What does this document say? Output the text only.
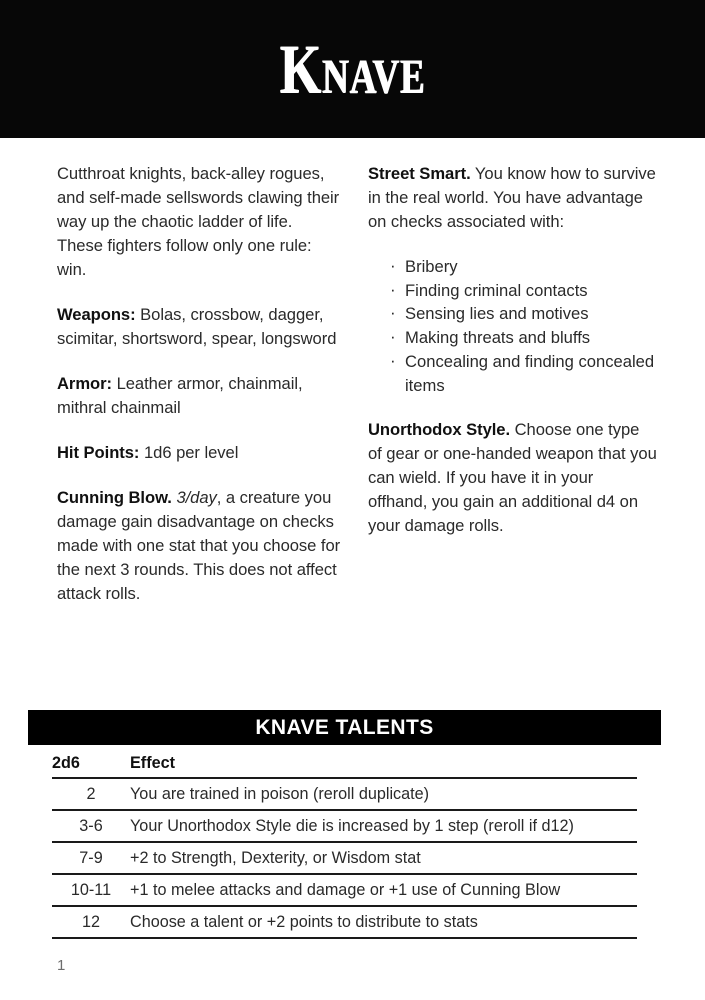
Knave

Cutthroat knights, back-alley rogues, and self-made sellswords clawing their way up the chaotic ladder of life. These fighters follow only one rule: win.

Weapons: Bolas, crossbow, dagger, scimitar, shortsword, spear, longsword

Armor: Leather armor, chainmail, mithral chainmail

Hit Points: 1d6 per level

Cunning Blow. 3/day, a creature you damage gain disadvantage on checks made with one stat that you choose for the next 3 rounds. This does not affect attack rolls.

Street Smart. You know how to survive in the real world. You have advantage on checks associated with:

· Bribery
· Finding criminal contacts
· Sensing lies and motives
· Making threats and bluffs
· Concealing and finding concealed items

Unorthodox Style. Choose one type of gear or one-handed weapon that you can wield. If you have it in your offhand, you gain an additional d4 on your damage rolls.

KNAVE TALENTS
2d6	Effect
2	You are trained in poison (reroll duplicate)
3-6	Your Unorthodox Style die is increased by 1 step (reroll if d12)
7-9	+2 to Strength, Dexterity, or Wisdom stat
10-11	+1 to melee attacks and damage or +1 use of Cunning Blow
12	Choose a talent or +2 points to distribute to stats
1
